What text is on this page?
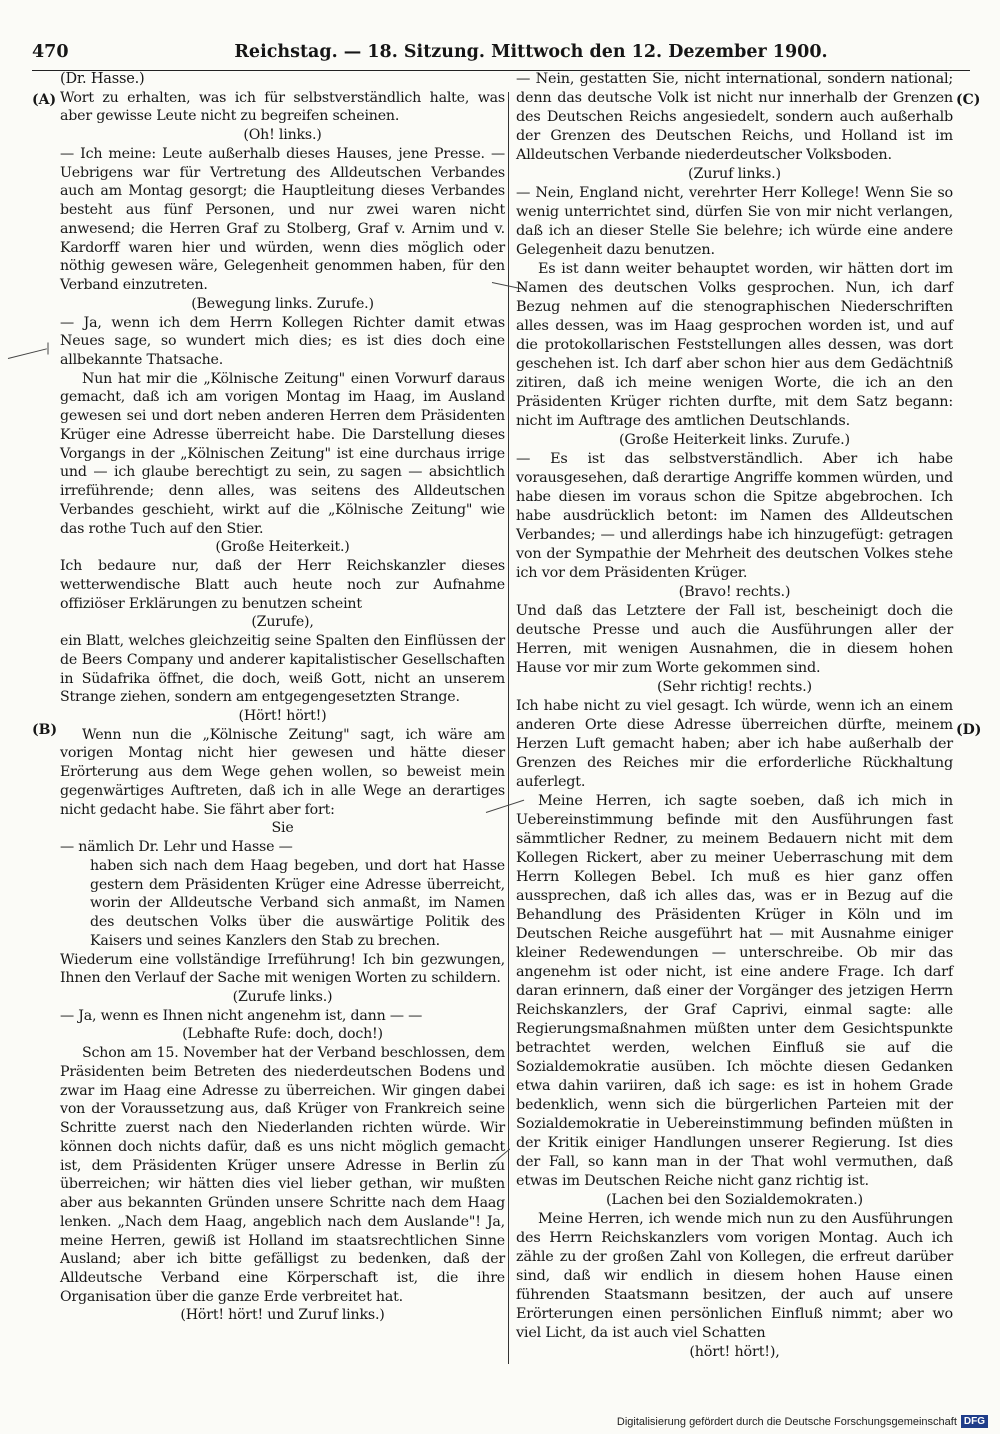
470	Reichstag. — 18. Sitzung. Mittwoch den 12. Dezember 1900.
(A)
(B)
(C)
(D)

(Dr. Hasse.)

Wort zu erhalten, was ich für selbstverständlich halte, was aber gewisse Leute nicht zu begreifen scheinen.

(Oh! links.)

— Ich meine: Leute außerhalb dieses Hauses, jene Presse. — Uebrigens war für Vertretung des Alldeutschen Verbandes auch am Montag gesorgt; die Hauptleitung dieses Verbandes besteht aus fünf Personen, und nur zwei waren nicht anwesend; die Herren Graf zu Stolberg, Graf v. Arnim und v. Kardorff waren hier und würden, wenn dies möglich oder nöthig gewesen wäre, Gelegenheit genommen haben, für den Verband einzutreten.

(Bewegung links. Zurufe.)

— Ja, wenn ich dem Herrn Kollegen Richter damit etwas Neues sage, so wundert mich dies; es ist dies doch eine allbekannte Thatsache.

Nun hat mir die „Kölnische Zeitung" einen Vorwurf daraus gemacht, daß ich am vorigen Montag im Haag, im Ausland gewesen sei und dort neben anderen Herren dem Präsidenten Krüger eine Adresse überreicht habe. Die Darstellung dieses Vorgangs in der „Kölnischen Zeitung" ist eine durchaus irrige und — ich glaube berechtigt zu sein, zu sagen — absichtlich irreführende; denn alles, was seitens des Alldeutschen Verbandes geschieht, wirkt auf die „Kölnische Zeitung" wie das rothe Tuch auf den Stier.

(Große Heiterkeit.)

Ich bedaure nur, daß der Herr Reichskanzler dieses wetterwendische Blatt auch heute noch zur Aufnahme offiziöser Erklärungen zu benutzen scheint

(Zurufe),

ein Blatt, welches gleichzeitig seine Spalten den Einflüssen der de Beers Company und anderer kapitalistischer Gesellschaften in Südafrika öffnet, die doch, weiß Gott, nicht an unserem Strange ziehen, sondern am entgegengesetzten Strange.

(Hört! hört!)

Wenn nun die „Kölnische Zeitung" sagt, ich wäre am vorigen Montag nicht hier gewesen und hätte dieser Erörterung aus dem Wege gehen wollen, so beweist mein gegenwärtiges Auftreten, daß ich in alle Wege an derartiges nicht gedacht habe. Sie fährt aber fort:

Sie

— nämlich Dr. Lehr und Hasse —

haben sich nach dem Haag begeben, und dort hat Hasse gestern dem Präsidenten Krüger eine Adresse überreicht, worin der Alldeutsche Verband sich anmaßt, im Namen des deutschen Volks über die auswärtige Politik des Kaisers und seines Kanzlers den Stab zu brechen.

Wiederum eine vollständige Irreführung! Ich bin gezwungen, Ihnen den Verlauf der Sache mit wenigen Worten zu schildern.

(Zurufe links.)

— Ja, wenn es Ihnen nicht angenehm ist, dann — —

(Lebhafte Rufe: doch, doch!)

Schon am 15. November hat der Verband beschlossen, dem Präsidenten beim Betreten des niederdeutschen Bodens und zwar im Haag eine Adresse zu überreichen. Wir gingen dabei von der Voraussetzung aus, daß Krüger von Frankreich seine Schritte zuerst nach den Niederlanden richten würde. Wir können doch nichts dafür, daß es uns nicht möglich gemacht ist, dem Präsidenten Krüger unsere Adresse in Berlin zu überreichen; wir hätten dies viel lieber gethan, wir mußten aber aus bekannten Gründen unsere Schritte nach dem Haag lenken. „Nach dem Haag, angeblich nach dem Auslande"! Ja, meine Herren, gewiß ist Holland im staatsrechtlichen Sinne Ausland; aber ich bitte gefälligst zu bedenken, daß der Alldeutsche Verband eine Körperschaft ist, die ihre Organisation über die ganze Erde verbreitet hat.

(Hört! hört! und Zuruf links.)

— Nein, gestatten Sie, nicht international, sondern national; denn das deutsche Volk ist nicht nur innerhalb der Grenzen des Deutschen Reichs angesiedelt, sondern auch außerhalb der Grenzen des Deutschen Reichs, und Holland ist im Alldeutschen Verbande niederdeutscher Volksboden.

(Zuruf links.)

— Nein, England nicht, verehrter Herr Kollege! Wenn Sie so wenig unterrichtet sind, dürfen Sie von mir nicht verlangen, daß ich an dieser Stelle Sie belehre; ich würde eine andere Gelegenheit dazu benutzen.

Es ist dann weiter behauptet worden, wir hätten dort im Namen des deutschen Volks gesprochen. Nun, ich darf Bezug nehmen auf die stenographischen Niederschriften alles dessen, was im Haag gesprochen worden ist, und auf die protokollarischen Feststellungen alles dessen, was dort geschehen ist. Ich darf aber schon hier aus dem Gedächtniß zitiren, daß ich meine wenigen Worte, die ich an den Präsidenten Krüger richten durfte, mit dem Satz begann: nicht im Auftrage des amtlichen Deutschlands.

(Große Heiterkeit links. Zurufe.)

— Es ist das selbstverständlich. Aber ich habe vorausgesehen, daß derartige Angriffe kommen würden, und habe diesen im voraus schon die Spitze abgebrochen. Ich habe ausdrücklich betont: im Namen des Alldeutschen Verbandes; — und allerdings habe ich hinzugefügt: getragen von der Sympathie der Mehrheit des deutschen Volkes stehe ich vor dem Präsidenten Krüger.

(Bravo! rechts.)

Und daß das Letztere der Fall ist, bescheinigt doch die deutsche Presse und auch die Ausführungen aller der Herren, mit wenigen Ausnahmen, die in diesem hohen Hause vor mir zum Worte gekommen sind.

(Sehr richtig! rechts.)

Ich habe nicht zu viel gesagt. Ich würde, wenn ich an einem anderen Orte diese Adresse überreichen dürfte, meinem Herzen Luft gemacht haben; aber ich habe außerhalb der Grenzen des Reiches mir die erforderliche Rückhaltung auferlegt.

Meine Herren, ich sagte soeben, daß ich mich in Uebereinstimmung befinde mit den Ausführungen fast sämmtlicher Redner, zu meinem Bedauern nicht mit dem Kollegen Rickert, aber zu meiner Ueberraschung mit dem Herrn Kollegen Bebel. Ich muß es hier ganz offen aussprechen, daß ich alles das, was er in Bezug auf die Behandlung des Präsidenten Krüger in Köln und im Deutschen Reiche ausgeführt hat — mit Ausnahme einiger kleiner Redewendungen — unterschreibe. Ob mir das angenehm ist oder nicht, ist eine andere Frage. Ich darf daran erinnern, daß einer der Vorgänger des jetzigen Herrn Reichskanzlers, der Graf Caprivi, einmal sagte: alle Regierungsmaßnahmen müßten unter dem Gesichtspunkte betrachtet werden, welchen Einfluß sie auf die Sozialdemokratie ausüben. Ich möchte diesen Gedanken etwa dahin variiren, daß ich sage: es ist in hohem Grade bedenklich, wenn sich die bürgerlichen Parteien mit der Sozialdemokratie in Uebereinstimmung befinden müßten in der Kritik einiger Handlungen unserer Regierung. Ist dies der Fall, so kann man in der That wohl vermuthen, daß etwas im Deutschen Reiche nicht ganz richtig ist.

(Lachen bei den Sozialdemokraten.)

Meine Herren, ich wende mich nun zu den Ausführungen des Herrn Reichskanzlers vom vorigen Montag. Auch ich zähle zu der großen Zahl von Kollegen, die erfreut darüber sind, daß wir endlich in diesem hohen Hause einen führenden Staatsmann besitzen, der auch auf unsere Erörterungen einen persönlichen Einfluß nimmt; aber wo viel Licht, da ist auch viel Schatten

(hört! hört!),

Digitalisierung gefördert durch die Deutsche Forschungsgemeinschaft DFG
